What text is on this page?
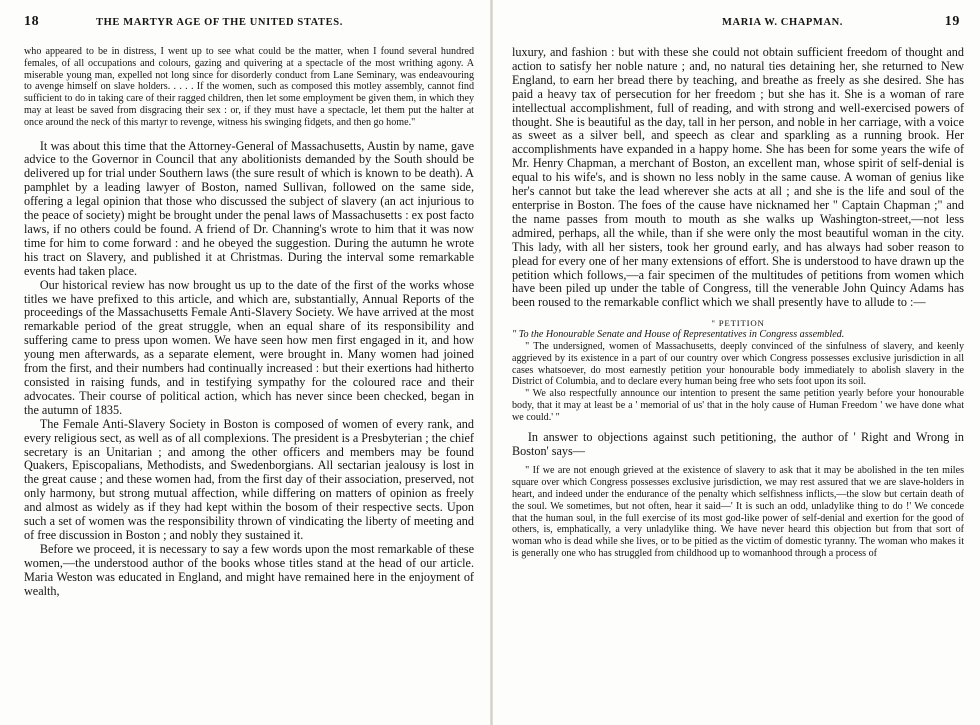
18	THE MARTYR AGE OF THE UNITED STATES.

who appeared to be in distress, I went up to see what could be the matter, when I found several hundred females, of all occupations and colours, gazing and quivering at a spectacle of the most writhing agony. A miserable young man, expelled not long since for disorderly conduct from Lane Seminary, was endeavouring to avenge himself on slave holders. . . . . If the women, such as composed this motley assembly, cannot find sufficient to do in taking care of their ragged children, then let some employment be given them, in which they may at least be saved from disgracing their sex : or, if they must have a spectacle, let them put the halter at once around the neck of this martyr to revenge, witness his swinging fidgets, and then go home."

It was about this time that the Attorney-General of Massachusetts, Austin by name, gave advice to the Governor in Council that any abolitionists demanded by the South should be delivered up for trial under Southern laws (the sure result of which is known to be death). A pamphlet by a leading lawyer of Boston, named Sullivan, followed on the same side, offering a legal opinion that those who discussed the subject of slavery (an act injurious to the peace of society) might be brought under the penal laws of Massachusetts : ex post facto laws, if no others could be found. A friend of Dr. Channing's wrote to him that it was now time for him to come forward : and he obeyed the suggestion. During the autumn he wrote his tract on Slavery, and published it at Christmas. During the interval some remarkable events had taken place.

Our historical review has now brought us up to the date of the first of the works whose titles we have prefixed to this article, and which are, substantially, Annual Reports of the proceedings of the Massachusetts Female Anti-Slavery Society. We have arrived at the most remarkable period of the great struggle, when an equal share of its responsibility and suffering came to press upon women. We have seen how men first engaged in it, and how young men afterwards, as a separate element, were brought in. Many women had joined from the first, and their numbers had continually increased : but their exertions had hitherto consisted in raising funds, and in testifying sympathy for the coloured race and their advocates. Their course of political action, which has never since been checked, began in the autumn of 1835.

The Female Anti-Slavery Society in Boston is composed of women of every rank, and every religious sect, as well as of all complexions. The president is a Presbyterian ; the chief secretary is an Unitarian ; and among the other officers and members may be found Quakers, Episcopalians, Methodists, and Swedenborgians. All sectarian jealousy is lost in the great cause ; and these women had, from the first day of their association, preserved, not only harmony, but strong mutual affection, while differing on matters of opinion as freely and almost as widely as if they had kept within the bosom of their respective sects. Upon such a set of women was the responsibility thrown of vindicating the liberty of meeting and of free discussion in Boston ; and nobly they sustained it.

Before we proceed, it is necessary to say a few words upon the most remarkable of these women,—the understood author of the books whose titles stand at the head of our article. Maria Weston was educated in England, and might have remained here in the enjoyment of wealth,

MARIA W. CHAPMAN.	19

luxury, and fashion : but with these she could not obtain sufficient freedom of thought and action to satisfy her noble nature ; and, no natural ties detaining her, she returned to New England, to earn her bread there by teaching, and breathe as freely as she desired. She has paid a heavy tax of persecution for her freedom ; but she has it. She is a woman of rare intellectual accomplishment, full of reading, and with strong and well-exercised powers of thought. She is beautiful as the day, tall in her person, and noble in her carriage, with a voice as sweet as a silver bell, and speech as clear and sparkling as a running brook. Her accomplishments have expanded in a happy home. She has been for some years the wife of Mr. Henry Chapman, a merchant of Boston, an excellent man, whose spirit of self-denial is equal to his wife's, and is shown no less nobly in the same cause. A woman of genius like her's cannot but take the lead wherever she acts at all ; and she is the life and soul of the enterprise in Boston. The foes of the cause have nicknamed her " Captain Chapman ;" and the name passes from mouth to mouth as she walks up Washington-street,—not less admired, perhaps, all the while, than if she were only the most beautiful woman in the city. This lady, with all her sisters, took her ground early, and has always had sober reason to plead for every one of her many extensions of effort. She is understood to have drawn up the petition which follows,—a fair specimen of the multitudes of petitions from women which have been piled up under the table of Congress, till the venerable John Quincy Adams has been roused to the remarkable conflict which we shall presently have to allude to :—

" PETITION

" To the Honourable Senate and House of Representatives in Congress assembled.

" The undersigned, women of Massachusetts, deeply convinced of the sinfulness of slavery, and keenly aggrieved by its existence in a part of our country over which Congress possesses exclusive jurisdiction in all cases whatsoever, do most earnestly petition your honourable body immediately to abolish slavery in the District of Columbia, and to declare every human being free who sets foot upon its soil.

" We also respectfully announce our intention to present the same petition yearly before your honourable body, that it may at least be a ' memorial of us' that in the holy cause of Human Freedom ' we have done what we could.' "

In answer to objections against such petitioning, the author of ' Right and Wrong in Boston' says—

" If we are not enough grieved at the existence of slavery to ask that it may be abolished in the ten miles square over which Congress possesses exclusive jurisdiction, we may rest assured that we are slave-holders in heart, and indeed under the endurance of the penalty which selfishness inflicts,—the slow but certain death of the soul. We sometimes, but not often, hear it said—' It is such an odd, unladylike thing to do !' We concede that the human soul, in the full exercise of its most god-like power of self-denial and exertion for the good of others, is, emphatically, a very unladylike thing. We have never heard this objection but from that sort of woman who is dead while she lives, or to be pitied as the victim of domestic tyranny. The woman who makes it is generally one who has struggled from childhood up to womanhood through a process of
